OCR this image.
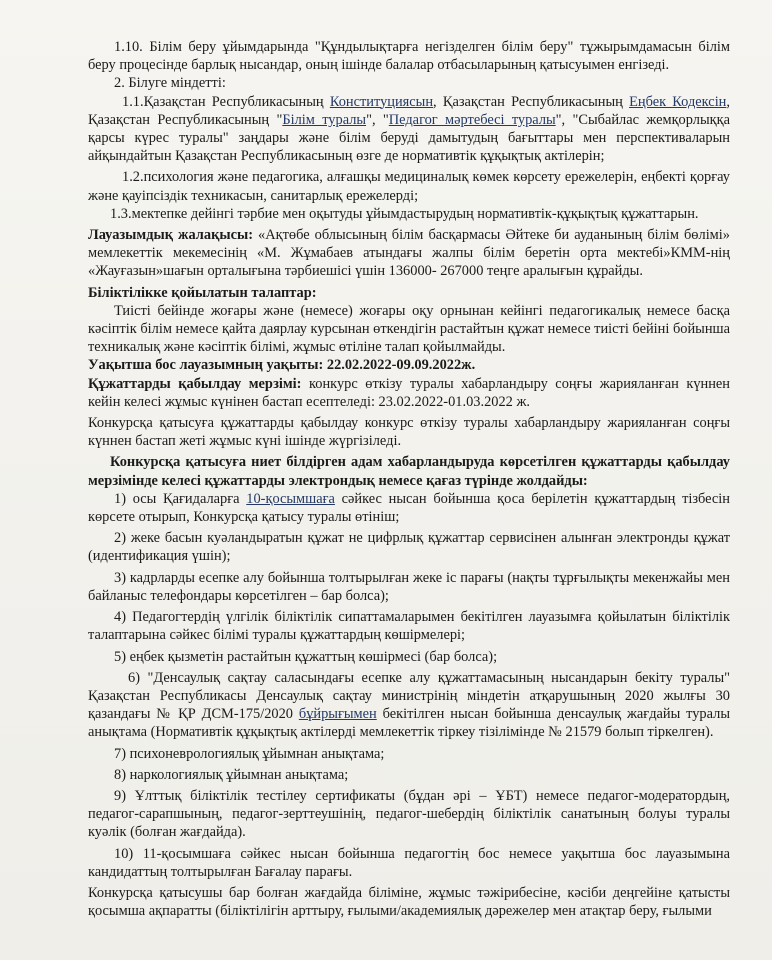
1.10. Білім беру ұйымдарында "Құндылықтарға негізделген білім беру" тұжырымдамасын білім беру процесінде барлық нысандар, оның ішінде балалар отбасыларының қатысуымен енгізеді.

2. Білуге міндетті:

1.1.Қазақстан Республикасының Конституциясын, Қазақстан Республикасының Еңбек Кодексін, Қазақстан Республикасының "Білім туралы", "Педагог мәртебесі туралы", "Сыбайлас жемқорлыққа қарсы күрес туралы" заңдары және білім беруді дамытудың бағыттары мен перспективаларын айқындайтын Қазақстан Республикасының өзге де нормативтік құқықтық актілерін;

1.2.психология және педагогика, алғашқы медициналық көмек көрсету ережелерін, еңбекті қорғау және қауіпсіздік техникасын, санитарлық ережелерді;

1.3.мектепке дейінгі тәрбие мен оқытуды ұйымдастырудың нормативтік-құқықтық құжаттарын.

Лауазымдық жалақысы: «Ақтөбе облысының білім басқармасы Әйтеке би ауданының білім бөлімі» мемлекеттік мекемесінің «М. Жұмабаев атындағы жалпы білім беретін орта мектебі»КММ-нің «Жауғазын»шағын орталығына тәрбиешісі үшін 136000- 267000 теңге аралығын құрайды.

Біліктілікке қойылатын талаптар:

Тиісті бейінде жоғары және (немесе) жоғары оқу орнынан кейінгі педагогикалық немесе басқа кәсіптік білім немесе қайта даярлау курсынан өткендігін растайтын құжат немесе тиісті бейіні бойынша техникалық және кәсіптік білімі, жұмыс өтіліне талап қойылмайды.

Уақытша бос лауазымның уақыты: 22.02.2022-09.09.2022ж.

Құжаттарды қабылдау мерзімі: конкурс өткізу туралы хабарландыру соңғы жарияланған күннен кейін келесі жұмыс күнінен бастап есептеледі: 23.02.2022-01.03.2022 ж.

Конкурсқа қатысуға құжаттарды қабылдау конкурс өткізу туралы хабарландыру жарияланған соңғы күннен бастап жеті жұмыс күні ішінде жүргізіледі.

Конкурсқа қатысуға ниет білдірген адам хабарландыруда көрсетілген құжаттарды қабылдау мерзімінде келесі құжаттарды электрондық немесе қағаз түрінде жолдайды:

1) осы Қағидаларға 10-қосымшаға сәйкес нысан бойынша қоса берілетін құжаттардың тізбесін көрсете отырып, Конкурсқа қатысу туралы өтініш;

2) жеке басын куәландыратын құжат не цифрлық құжаттар сервисінен алынған электронды құжат (идентификация үшін);

3) кадрларды есепке алу бойынша толтырылған жеке іс парағы (нақты тұрғылықты мекенжайы мен байланыс телефондары көрсетілген – бар болса);

4) Педагогтердің үлгілік біліктілік сипаттамаларымен бекітілген лауазымға қойылатын біліктілік талаптарына сәйкес білімі туралы құжаттардың көшірмелері;

5) еңбек қызметін растайтын құжаттың көшірмесі (бар болса);

6) "Денсаулық сақтау саласындағы есепке алу құжаттамасының нысандарын бекіту туралы" Қазақстан Республикасы Денсаулық сақтау министрінің міндетін атқарушының 2020 жылғы 30 қазандағы № ҚР ДСМ-175/2020 бұйрығымен бекітілген нысан бойынша денсаулық жағдайы туралы анықтама (Нормативтік құқықтық актілерді мемлекеттік тіркеу тізілімінде № 21579 болып тіркелген).

7) психоневрологиялық ұйымнан анықтама;

8) наркологиялық ұйымнан анықтама;

9) Ұлттық біліктілік тестілеу сертификаты (бұдан әрі – ҰБТ) немесе педагог-модератордың, педагог-сарапшының, педагог-зерттеушінің, педагог-шебердің біліктілік санатының болуы туралы куәлік (болған жағдайда).

10) 11-қосымшаға сәйкес нысан бойынша педагогтің бос немесе уақытша бос лауазымына кандидаттың толтырылған Бағалау парағы.

Конкурсқа қатысушы бар болған жағдайда біліміне, жұмыс тәжірибесіне, кәсіби деңгейіне қатысты қосымша ақпаратты (біліктілігін арттыру, ғылыми/академиялық дәрежелер мен атақтар беру, ғылыми
